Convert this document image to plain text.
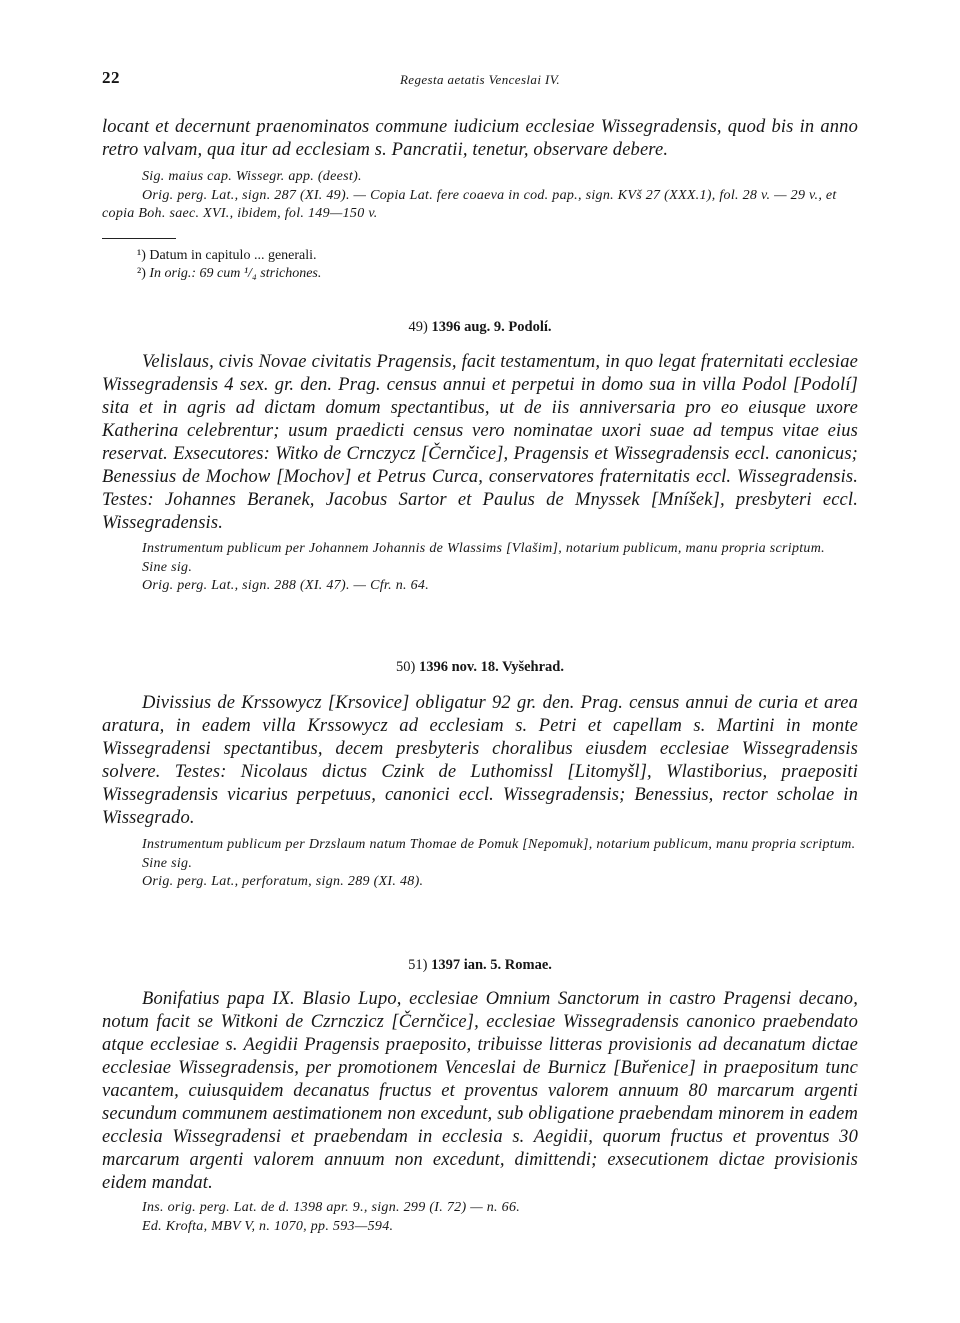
22	Regesta aetatis Venceslai IV.

locant et decernunt praenominatos commune iudicium ecclesiae Wissegradensis, quod bis in anno retro valvam, qua itur ad ecclesiam s. Pancratii, tenetur, observare debere.

Sig. maius cap. Wissegr. app. (deest).

Orig. perg. Lat., sign. 287 (XI. 49). — Copia Lat. fere coaeva in cod. pap., sign. KVš 27 (XXX.1), fol. 28 v. — 29 v., et copia Boh. saec. XVI., ibidem, fol. 149—150 v.

¹) Datum in capitulo ... generali.
²) In orig.: 69 cum ¹/₄ strichones.
49) 1396 aug. 9. Podolí.

Velislaus, civis Novae civitatis Pragensis, facit testamentum, in quo legat fraternitati ecclesiae Wissegradensis 4 sex. gr. den. Prag. census annui et perpetui in domo sua in villa Podol [Podolí] sita et in agris ad dictam domum spectantibus, ut de iis anniversaria pro eo eiusque uxore Katherina celebrentur; usum praedicti census vero nominatae uxori suae ad tempus vitae eius reservat. Exsecutores: Witko de Crnczycz [Černčice], Pragensis et Wissegradensis eccl. canonicus; Benessius de Mochow [Mochov] et Petrus Curca, conservatores fraternitatis eccl. Wissegradensis. Testes: Johannes Beranek, Jacobus Sartor et Paulus de Mnyssek [Mníšek], presbyteri eccl. Wissegradensis.

Instrumentum publicum per Johannem Johannis de Wlassims [Vlašim], notarium publicum, manu propria scriptum.

Sine sig.

Orig. perg. Lat., sign. 288 (XI. 47). — Cfr. n. 64.

50) 1396 nov. 18. Vyšehrad.

Divissius de Krssowycz [Krsovice] obligatur 92 gr. den. Prag. census annui de curia et area aratura, in eadem villa Krssowycz ad ecclesiam s. Petri et capellam s. Martini in monte Wissegradensi spectantibus, decem presbyteris choralibus eiusdem ecclesiae Wissegradensis solvere. Testes: Nicolaus dictus Czink de Luthomissl [Litomyšl], Wlastiborius, praepositi Wissegradensis vicarius perpetuus, canonici eccl. Wissegradensis; Benessius, rector scholae in Wissegrado.

Instrumentum publicum per Drzslaum natum Thomae de Pomuk [Nepomuk], notarium publicum, manu propria scriptum.

Sine sig.

Orig. perg. Lat., perforatum, sign. 289 (XI. 48).

51) 1397 ian. 5. Romae.

Bonifatius papa IX. Blasio Lupo, ecclesiae Omnium Sanctorum in castro Pragensi decano, notum facit se Witkoni de Czrnczicz [Černčice], ecclesiae Wissegradensis canonico praebendato atque ecclesiae s. Aegidii Pragensis praeposito, tribuisse litteras provisionis ad decanatum dictae ecclesiae Wissegradensis, per promotionem Venceslai de Burnicz [Buřenice] in praepositum tunc vacantem, cuiusquidem decanatus fructus et proventus valorem annuum 80 marcarum argenti secundum communem aestimationem non excedunt, sub obligatione praebendam minorem in eadem ecclesia Wissegradensi et praebendam in ecclesia s. Aegidii, quorum fructus et proventus 30 marcarum argenti valorem annuum non excedunt, dimittendi; exsecutionem dictae provisionis eidem mandat.

Ins. orig. perg. Lat. de d. 1398 apr. 9., sign. 299 (I. 72) — n. 66.

Ed. Krofta, MBV V, n. 1070, pp. 593—594.
